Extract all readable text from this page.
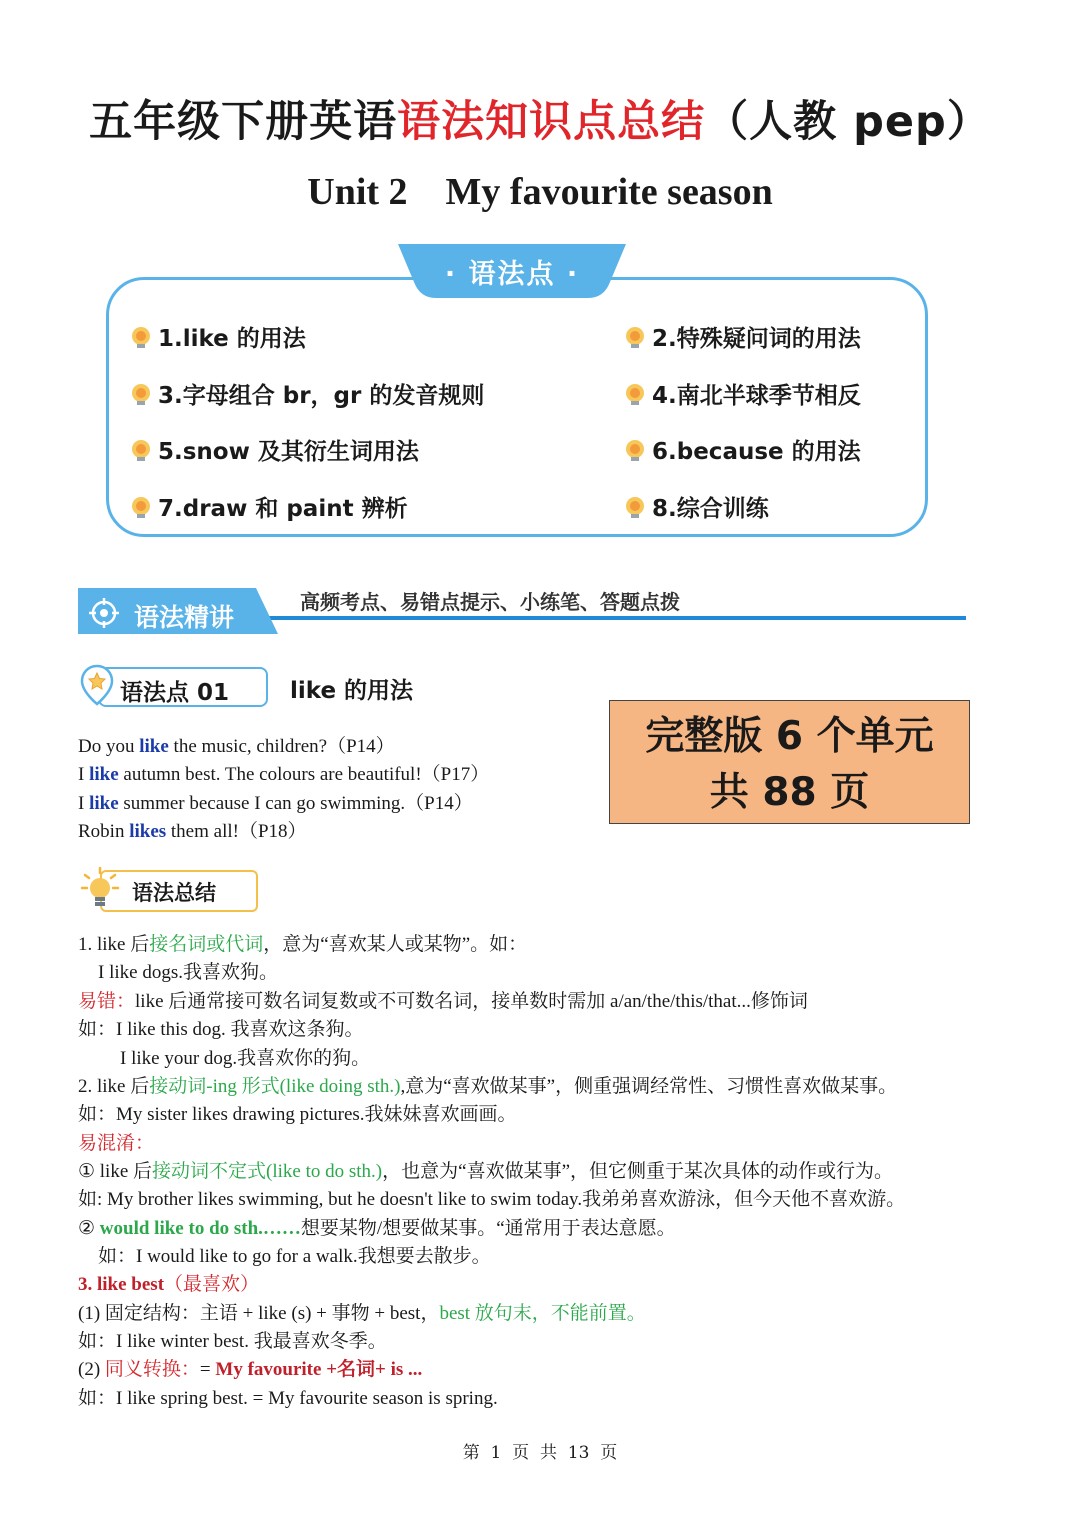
五年级下册英语语法知识点总结（人教 pep）
Unit 2    My favourite season
· 语法点 ·
1.like 的用法	2.特殊疑问词的用法
3.字母组合 br，gr 的发音规则	4.南北半球季节相反
5.snow 及其衍生词用法	6.because 的用法
7.draw 和 paint 辨析	8.综合训练
语法精讲
高频考点、易错点提示、小练笔、答题点拨
语法点 01	like 的用法
完整版 6 个单元
共 88 页
Do you like the music, children?（P14）
I like autumn best. The colours are beautiful!（P17）
I like summer because I can go swimming.（P14）
Robin likes them all!（P18）
语法总结
1. like 后接名词或代词，意为“喜欢某人或某物”。如：
I like dogs.我喜欢狗。
易错：like 后通常接可数名词复数或不可数名词，接单数时需加 a/an/the/this/that...修饰词
如：I like this dog. 我喜欢这条狗。
I like your dog.我喜欢你的狗。
2. like 后接动词-ing 形式(like doing sth.),意为“喜欢做某事”，侧重强调经常性、习惯性喜欢做某事。
如：My sister likes drawing pictures.我妹妹喜欢画画。
易混淆：
① like 后接动词不定式(like to do sth.)，也意为“喜欢做某事”，但它侧重于某次具体的动作或行为。
如: My brother likes swimming, but he doesn't like to swim today.我弟弟喜欢游泳，但今天他不喜欢游。
② would like to do sth.……想要某物/想要做某事。“通常用于表达意愿。
如：I would like to go for a walk.我想要去散步。
3. like best（最喜欢）
(1) 固定结构：主语 + like (s) + 事物 + best，best 放句末，不能前置。
如：I like winter best. 我最喜欢冬季。
(2) 同义转换：= My favourite +名词+ is ...
如：I like spring best. = My favourite season is spring.
第  1  页  共  13  页
